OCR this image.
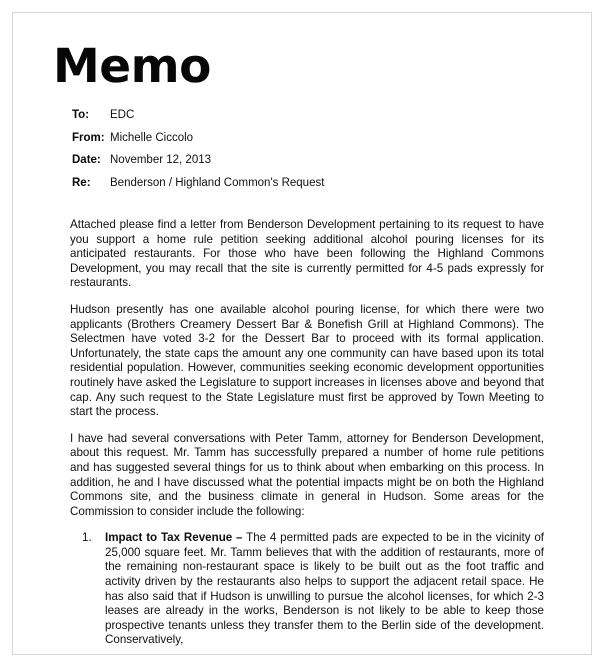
Memo
To:	EDC
From: Michelle Ciccolo
Date: November 12, 2013
Re:	Benderson / Highland Common's Request

Attached please find a letter from Benderson Development pertaining to its request to have you support a home rule petition seeking additional alcohol pouring licenses for its anticipated restaurants. For those who have been following the Highland Commons Development, you may recall that the site is currently permitted for 4-5 pads expressly for restaurants.

Hudson presently has one available alcohol pouring license, for which there were two applicants (Brothers Creamery Dessert Bar & Bonefish Grill at Highland Commons). The Selectmen have voted 3-2 for the Dessert Bar to proceed with its formal application. Unfortunately, the state caps the amount any one community can have based upon its total residential population. However, communities seeking economic development opportunities routinely have asked the Legislature to support increases in licenses above and beyond that cap. Any such request to the State Legislature must first be approved by Town Meeting to start the process.

I have had several conversations with Peter Tamm, attorney for Benderson Development, about this request. Mr. Tamm has successfully prepared a number of home rule petitions and has suggested several things for us to think about when embarking on this process. In addition, he and I have discussed what the potential impacts might be on both the Highland Commons site, and the business climate in general in Hudson. Some areas for the Commission to consider include the following:

1. Impact to Tax Revenue – The 4 permitted pads are expected to be in the vicinity of 25,000 square feet. Mr. Tamm believes that with the addition of restaurants, more of the remaining non-restaurant space is likely to be built out as the foot traffic and activity driven by the restaurants also helps to support the adjacent retail space. He has also said that if Hudson is unwilling to pursue the alcohol licenses, for which 2-3 leases are already in the works, Benderson is not likely to be able to keep those prospective tenants unless they transfer them to the Berlin side of the development. Conservatively,
